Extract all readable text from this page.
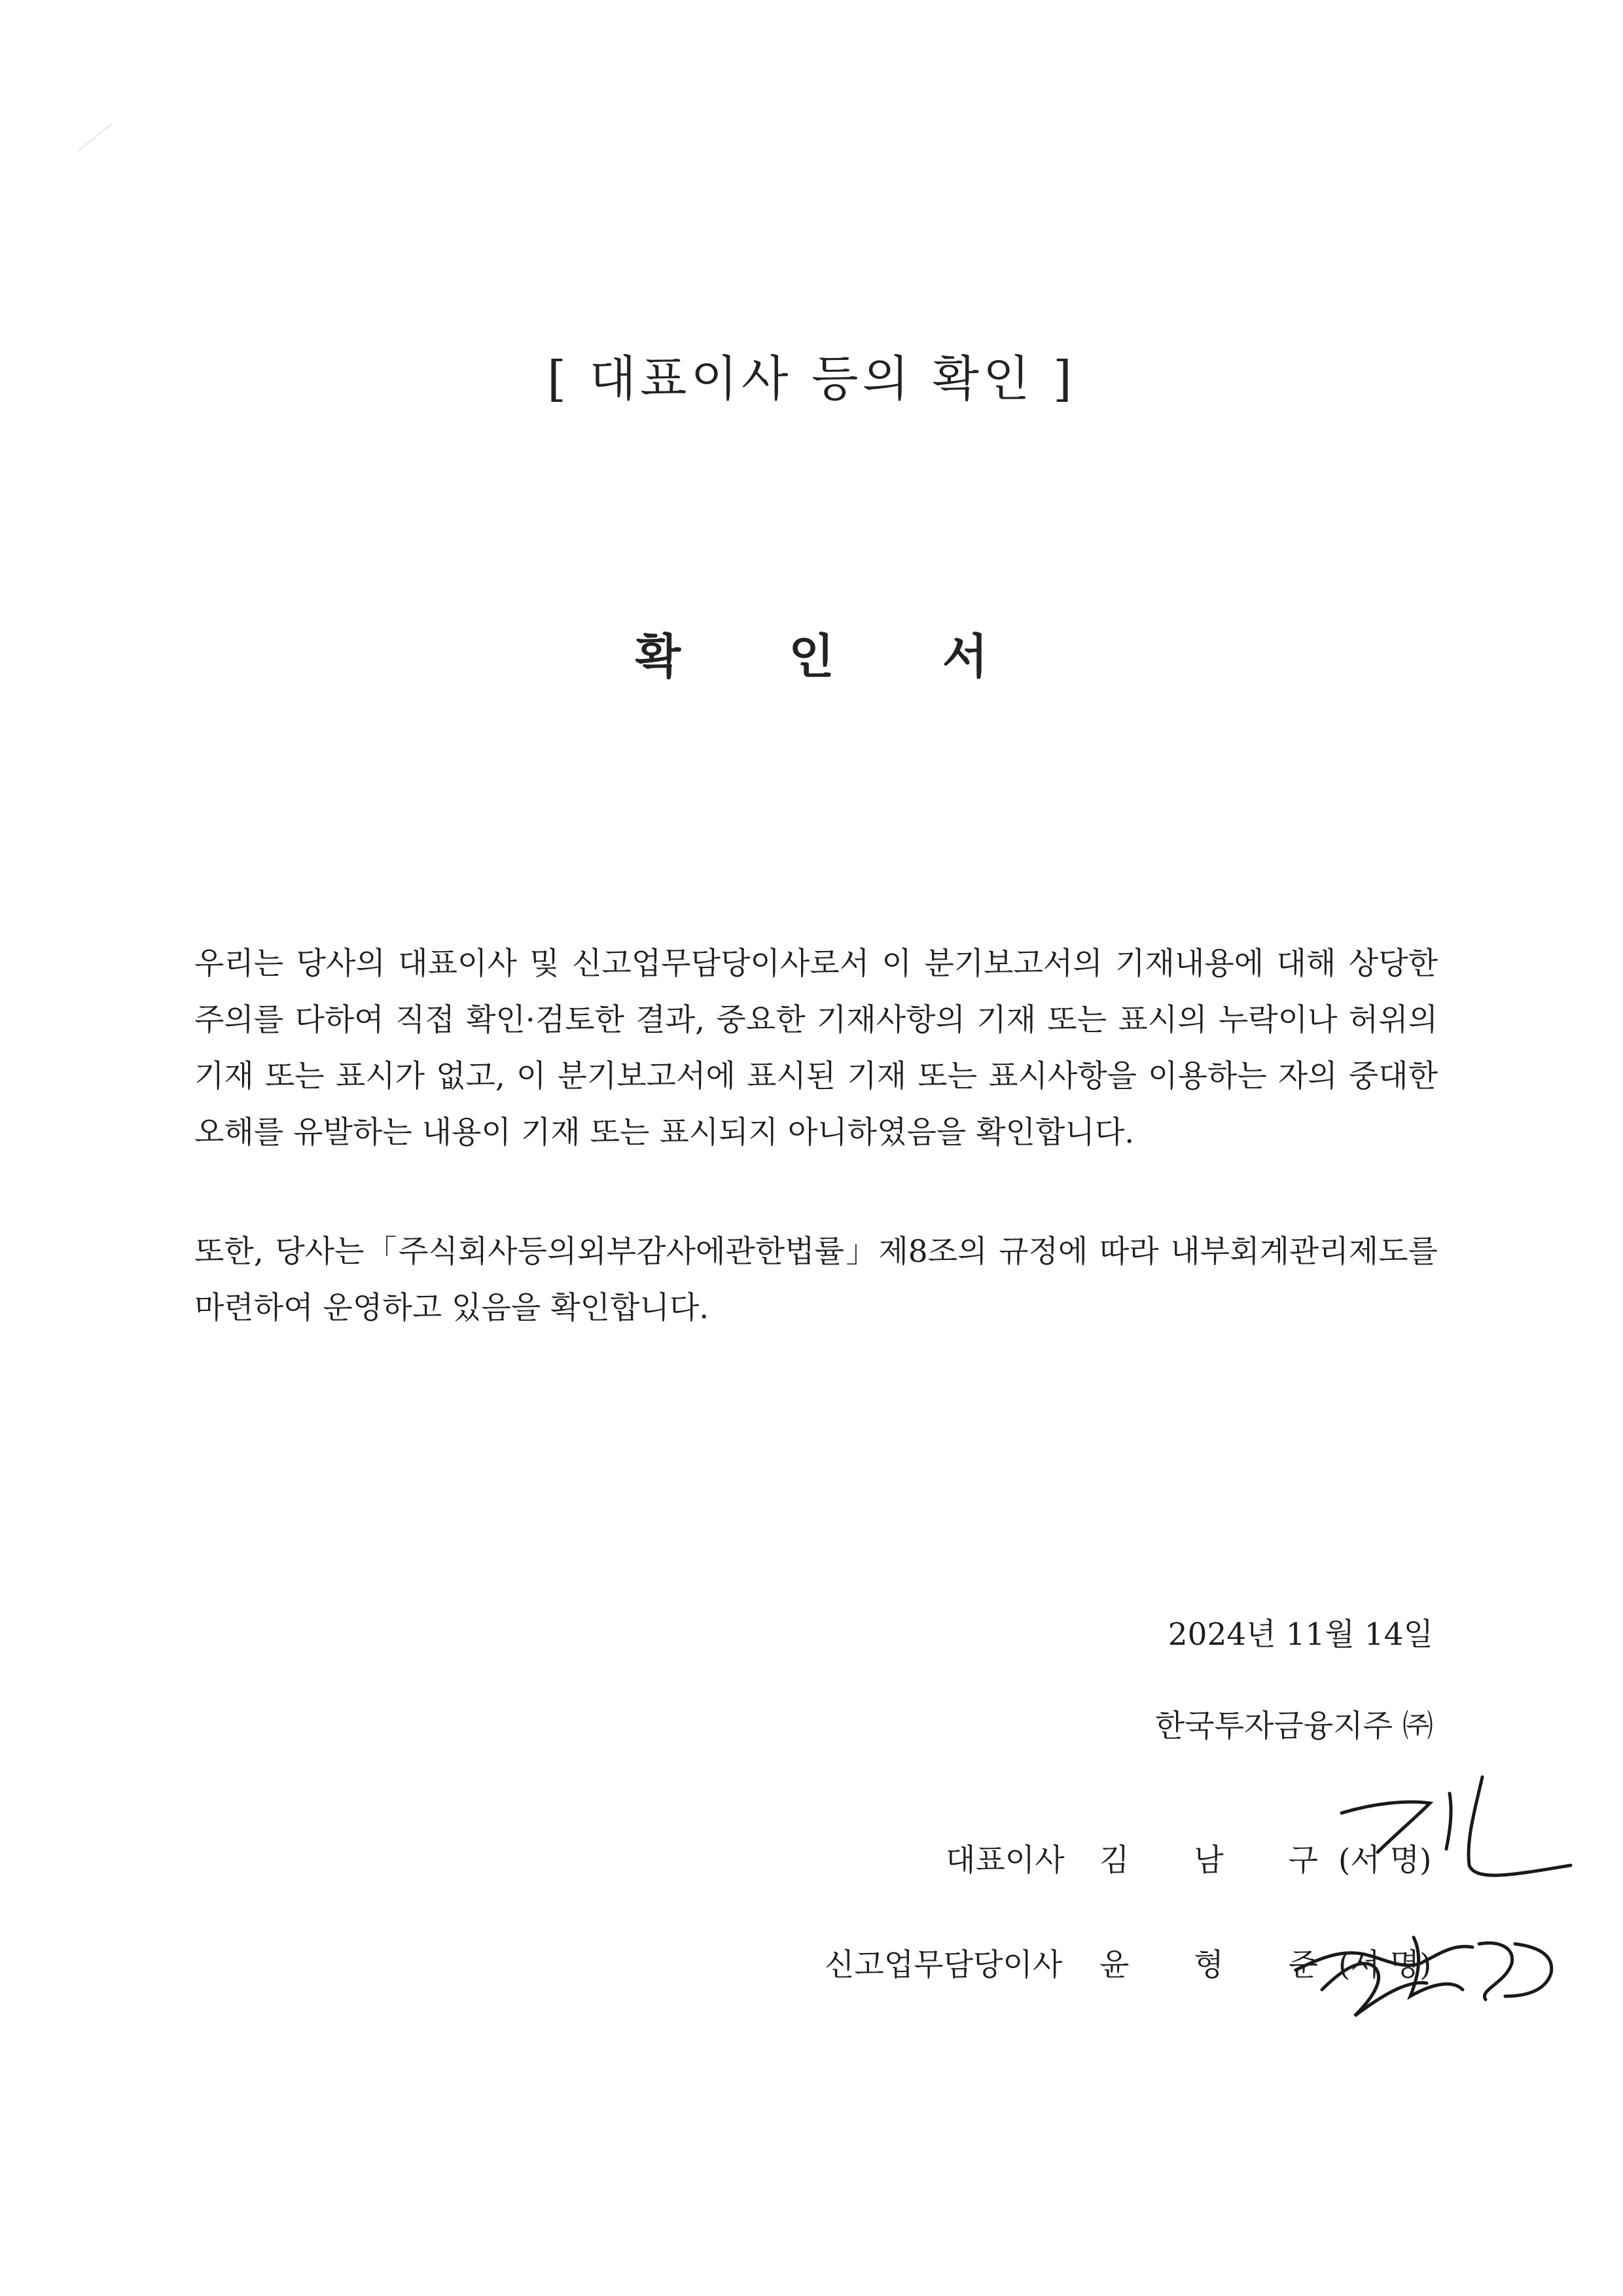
[ 대표이사 등의 확인 ]
확 인 서

우리는 당사의 대표이사 및 신고업무담당이사로서 이 분기보고서의 기재내용에 대해 상당한 주의를 다하여 직접 확인·검토한 결과, 중요한 기재사항의 기재 또는 표시의 누락이나 허위의 기재 또는 표시가 없고, 이 분기보고서에 표시된 기재 또는 표시사항을 이용하는 자의 중대한 오해를 유발하는 내용이 기재 또는 표시되지 아니하였음을 확인합니다.

또한, 당사는「주식회사등의외부감사에관한법률」제8조의 규정에 따라 내부회계관리제도를 마련하여 운영하고 있음을 확인합니다.

2024년 11월 14일
한국투자금융지주 ㈜
대표이사 김 남 구
(서 명)
신고업무담당이사 윤 형 준
(서 명)
